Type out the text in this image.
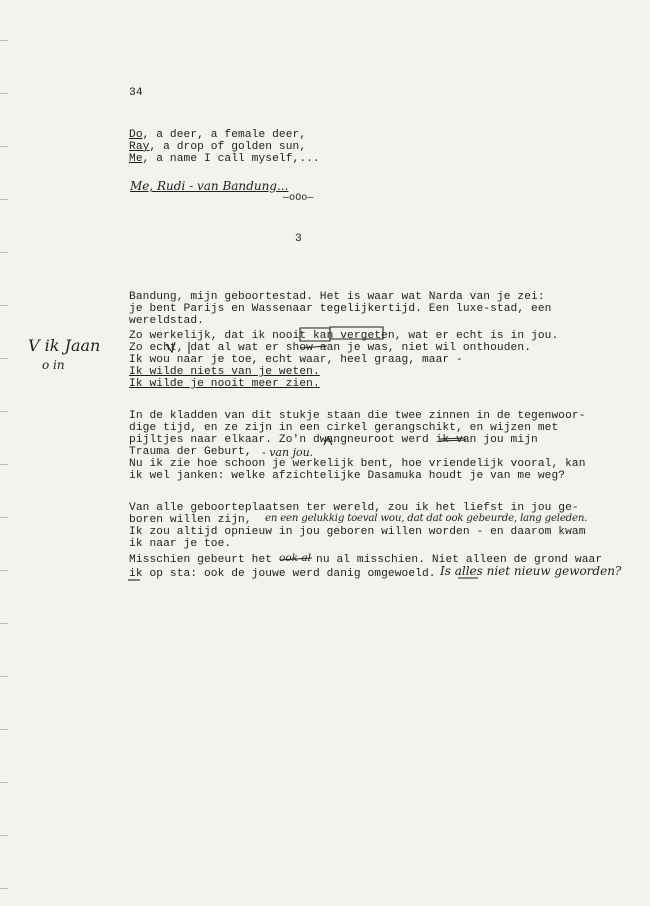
34
Do, a deer, a female deer,
Ray, a drop of golden sun,
Me, a name I call myself,...
Me, Rudi - van Bandung...
—oOo—
3
V ik Jaan
o in
Bandung, mijn geboortestad. Het is waar wat Narda van je zei:
je bent Parijs en Wassenaar tegelijkertijd. Een luxe-stad, een
wereldstad.
Zo werkelijk, dat ik nooit kan vergeten, wat er echt is in jou.
Zo echt, dat al wat er show aan je was, niet wil onthouden.
Ik wou naar je toe, echt waar, heel graag, maar -
Ik wilde niets van je weten.
Ik wilde je nooit meer zien.
In de kladden van dit stukje staan die twee zinnen in de tegenwoor-
dige tijd, en ze zijn in een cirkel gerangschikt, en wijzen met
pijltjes naar elkaar. Zo'n dwangneuroot werd ik van jou mijn
Trauma der Geburt, - van jou.
Nu ik zie hoe schoon je werkelijk bent, hoe vriendelijk vooral, kan
ik wel janken: welke afzichtelijke Dasamuka houdt je van me weg?
Van alle geboorteplaatsen ter wereld, zou ik het liefst in jou ge-
boren willen zijn, en een gelukkig toeval wou, dat dat ook gebeurde, lang geleden.
Ik zou altijd opnieuw in jou geboren willen worden - en daarom kwam
ik naar je toe.
Misschien gebeurt het ook al nu al misschien. Niet alleen de grond waar
ik op sta: ook de jouwe werd danig omgewoeld. Is alles niet nieuw geworden?
